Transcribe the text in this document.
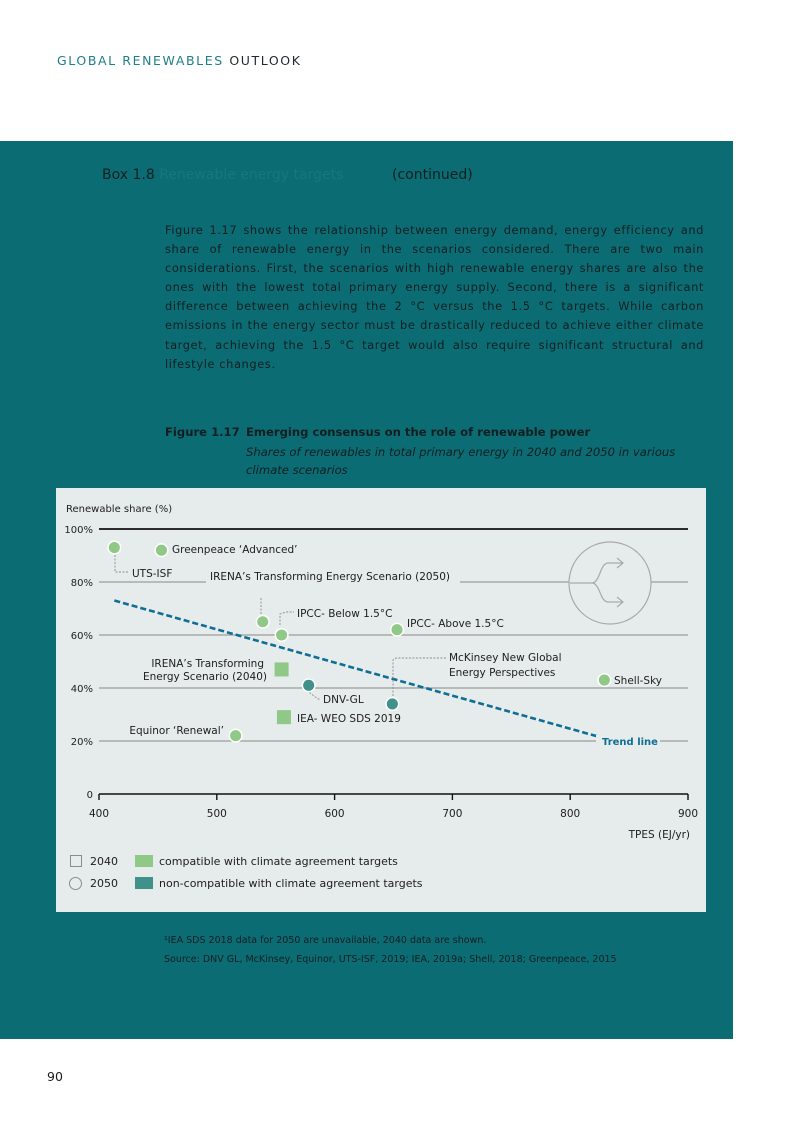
GLOBAL RENEWABLES OUTLOOK
Box 1.8 Renewable energy targets	(continued)
Figure 1.17 shows the relationship between energy demand, energy efficiency and share of renewable energy in the scenarios considered. There are two main considerations. First, the scenarios with high renewable energy shares are also the ones with the lowest total primary energy supply. Second, there is a significant difference between achieving the 2 °C versus the 1.5 °C targets. While carbon emissions in the energy sector must be drastically reduced to achieve either climate target, achieving the 1.5 °C target would also require significant structural and lifestyle changes.
Figure 1.17 Emerging consensus on the role of renewable power
Shares of renewables in total primary energy in 2040 and 2050 in various climate scenarios
Renewable share (%)
TPES (EJ/yr)
0
20%
40%
60%
80%
100%
400	500	600	700	800	900
IRENA’s Transforming Energy Scenario (2050)
Trend line
UTS-ISF
Greenpeace ‘Advanced’
IPCC- Below 1.5°C
IPCC- Above 1.5°C
McKinsey New Global
Energy Perspectives
IRENA’s Transforming
Energy Scenario (2040)
DNV-GL
IEA- WEO SDS 2019
Shell-Sky
Equinor ‘Renewal’
2040
2050
compatible with climate agreement targets
non-compatible with climate agreement targets
¹IEA SDS 2018 data for 2050 are unavailable, 2040 data are shown.
Source: DNV GL, McKinsey, Equinor, UTS-ISF, 2019; IEA, 2019a; Shell, 2018; Greenpeace, 2015
90
